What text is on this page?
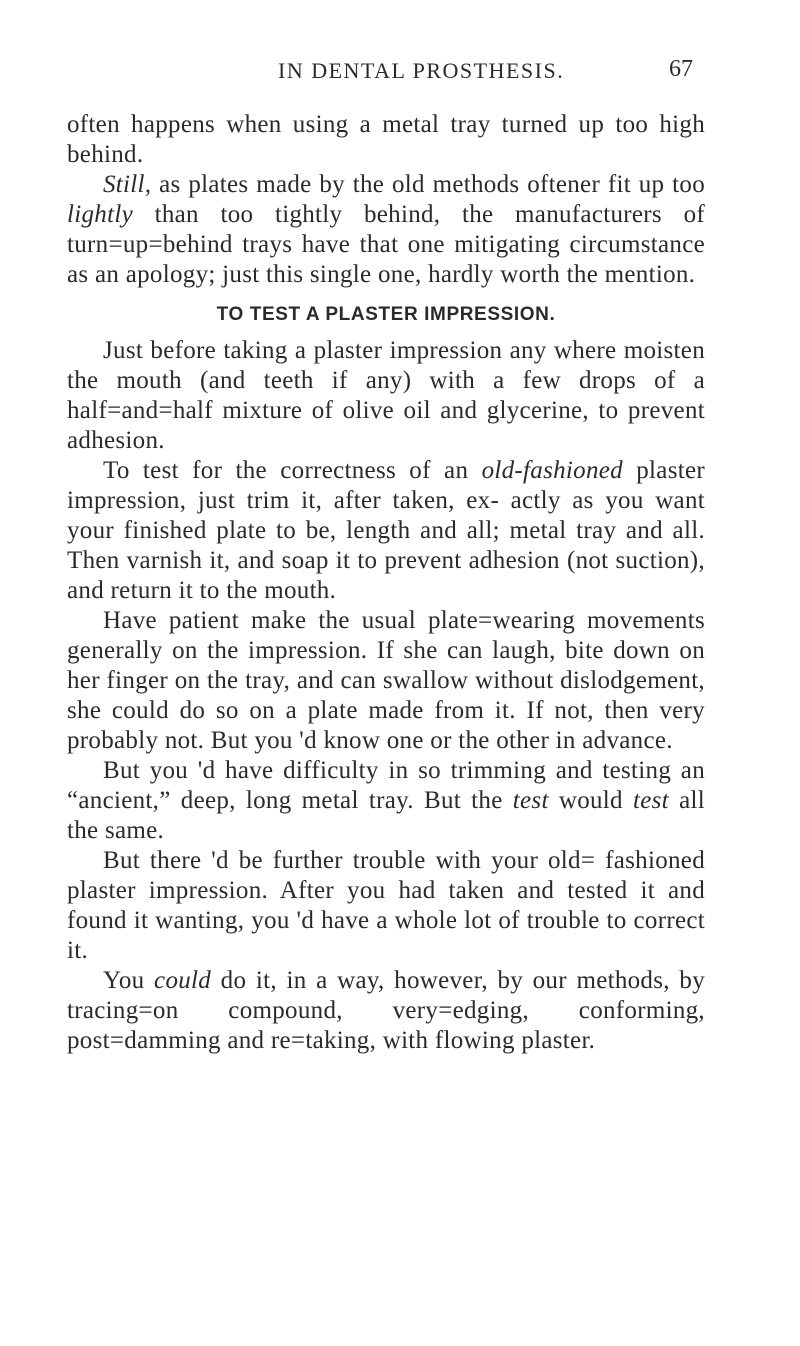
IN DENTAL PROSTHESIS.	67

often happens when using a metal tray turned up too high behind.

Still, as plates made by the old methods oftener fit up too lightly than too tightly behind, the manufacturers of turn=up=behind trays have that one mitigating circumstance as an apology; just this single one, hardly worth the mention.

TO TEST A PLASTER IMPRESSION.

Just before taking a plaster impression any where moisten the mouth (and teeth if any) with a few drops of a half=and=half mixture of olive oil and glycerine, to prevent adhesion.

To test for the correctness of an old-fashioned plaster impression, just trim it, after taken, ex- actly as you want your finished plate to be, length and all; metal tray and all. Then varnish it, and soap it to prevent adhesion (not suction), and return it to the mouth.

Have patient make the usual plate=wearing movements generally on the impression. If she can laugh, bite down on her finger on the tray, and can swallow without dislodgement, she could do so on a plate made from it. If not, then very probably not. But you 'd know one or the other in advance.

But you 'd have difficulty in so trimming and testing an “ancient,” deep, long metal tray. But the test would test all the same.

But there 'd be further trouble with your old= fashioned plaster impression. After you had taken and tested it and found it wanting, you 'd have a whole lot of trouble to correct it.

You could do it, in a way, however, by our methods, by tracing=on compound, very=edging, conforming, post=damming and re=taking, with flowing plaster.
